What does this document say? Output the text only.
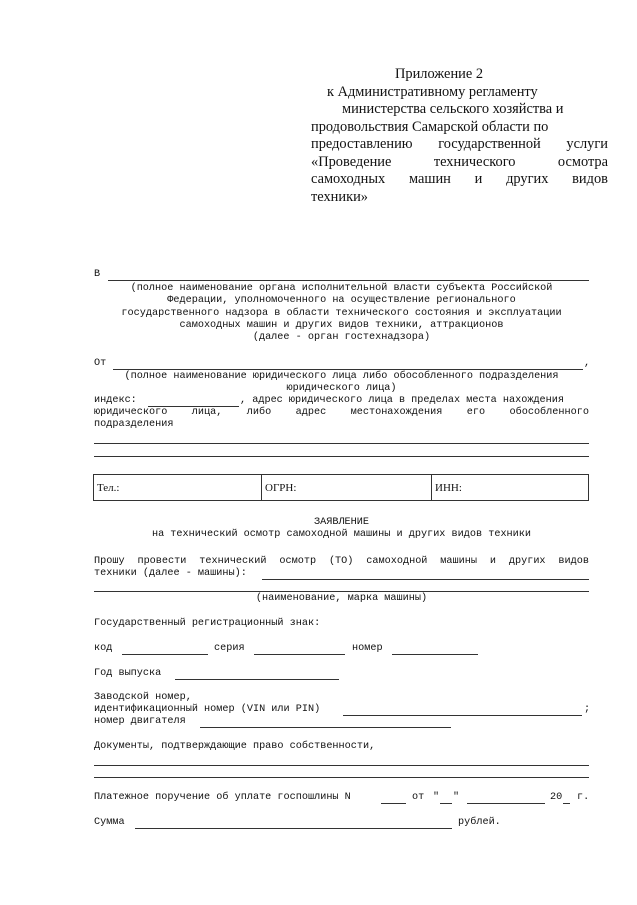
Приложение 2
к Административному регламенту
министерства сельского хозяйства и
продовольствия Самарской области по
предоставлению государственной услуги
«Проведение	технического	осмотра
самоходных машин и других видов
техники»
В
(полное наименование органа исполнительной власти субъекта Российской
Федерации, уполномоченного на осуществление регионального
государственного надзора в области технического состояния и эксплуатации
самоходных машин и других видов техники, аттракционов
(далее - орган гостехнадзора)
От	,
(полное наименование юридического лица либо обособленного подразделения
юридического лица)
индекс:	, адрес юридического лица в пределах места нахождения
юридического лица, либо адрес местонахождения его обособленного
подразделения
Тел.:	ОГРН:	ИНН:
ЗАЯВЛЕНИЕ
на технический осмотр самоходной машины и других видов техники
Прошу провести технический осмотр (ТО) самоходной машины и других видов
техники (далее - машины):
(наименование, марка машины)
Государственный регистрационный знак:
код	серия	номер
Год выпуска
Заводской номер,
идентификационный номер (VIN или PIN)	;
номер двигателя
Документы, подтверждающие право собственности,
Платежное поручение об уплате госпошлины N	от " "	20 г.
Сумма	рублей.
